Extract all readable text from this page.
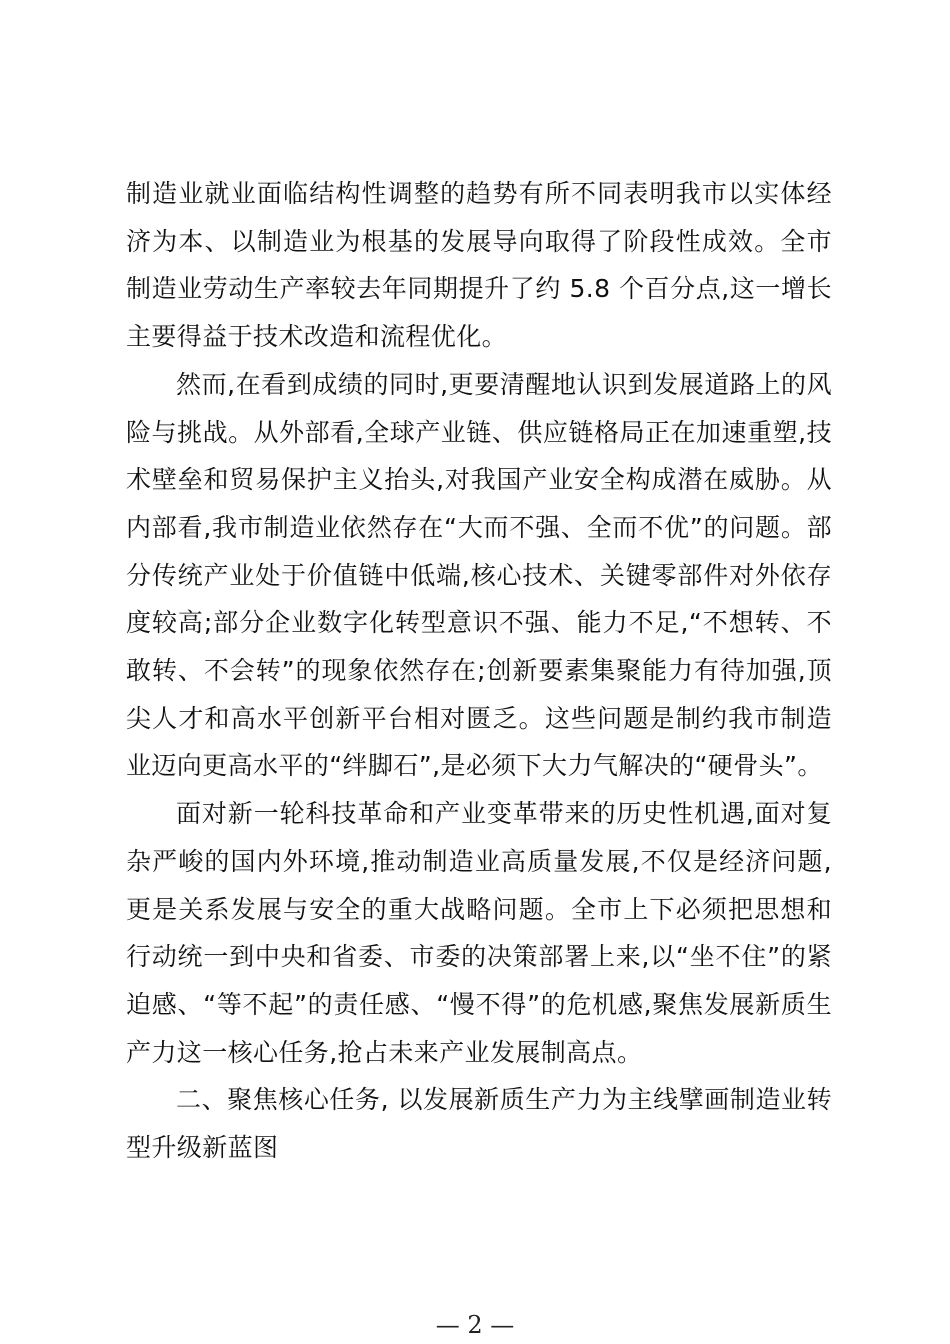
制造业就业面临结构性调整的趋势有所不同表明我市以实体经济为本、以制造业为根基的发展导向取得了阶段性成效。全市制造业劳动生产率较去年同期提升了约 5.8 个百分点,这一增长主要得益于技术改造和流程优化。

然而,在看到成绩的同时,更要清醒地认识到发展道路上的风险与挑战。从外部看,全球产业链、供应链格局正在加速重塑,技术壁垒和贸易保护主义抬头,对我国产业安全构成潜在威胁。从内部看,我市制造业依然存在“大而不强、全而不优”的问题。部分传统产业处于价值链中低端,核心技术、关键零部件对外依存度较高;部分企业数字化转型意识不强、能力不足,“不想转、不敢转、不会转”的现象依然存在;创新要素集聚能力有待加强,顶尖人才和高水平创新平台相对匮乏。这些问题是制约我市制造业迈向更高水平的“绊脚石”,是必须下大力气解决的“硬骨头”。

面对新一轮科技革命和产业变革带来的历史性机遇,面对复杂严峻的国内外环境,推动制造业高质量发展,不仅是经济问题,更是关系发展与安全的重大战略问题。全市上下必须把思想和行动统一到中央和省委、市委的决策部署上来,以“坐不住”的紧迫感、“等不起”的责任感、“慢不得”的危机感,聚焦发展新质生产力这一核心任务,抢占未来产业发展制高点。

二、聚焦核心任务, 以发展新质生产力为主线擘画制造业转型升级新蓝图

— 2 —
